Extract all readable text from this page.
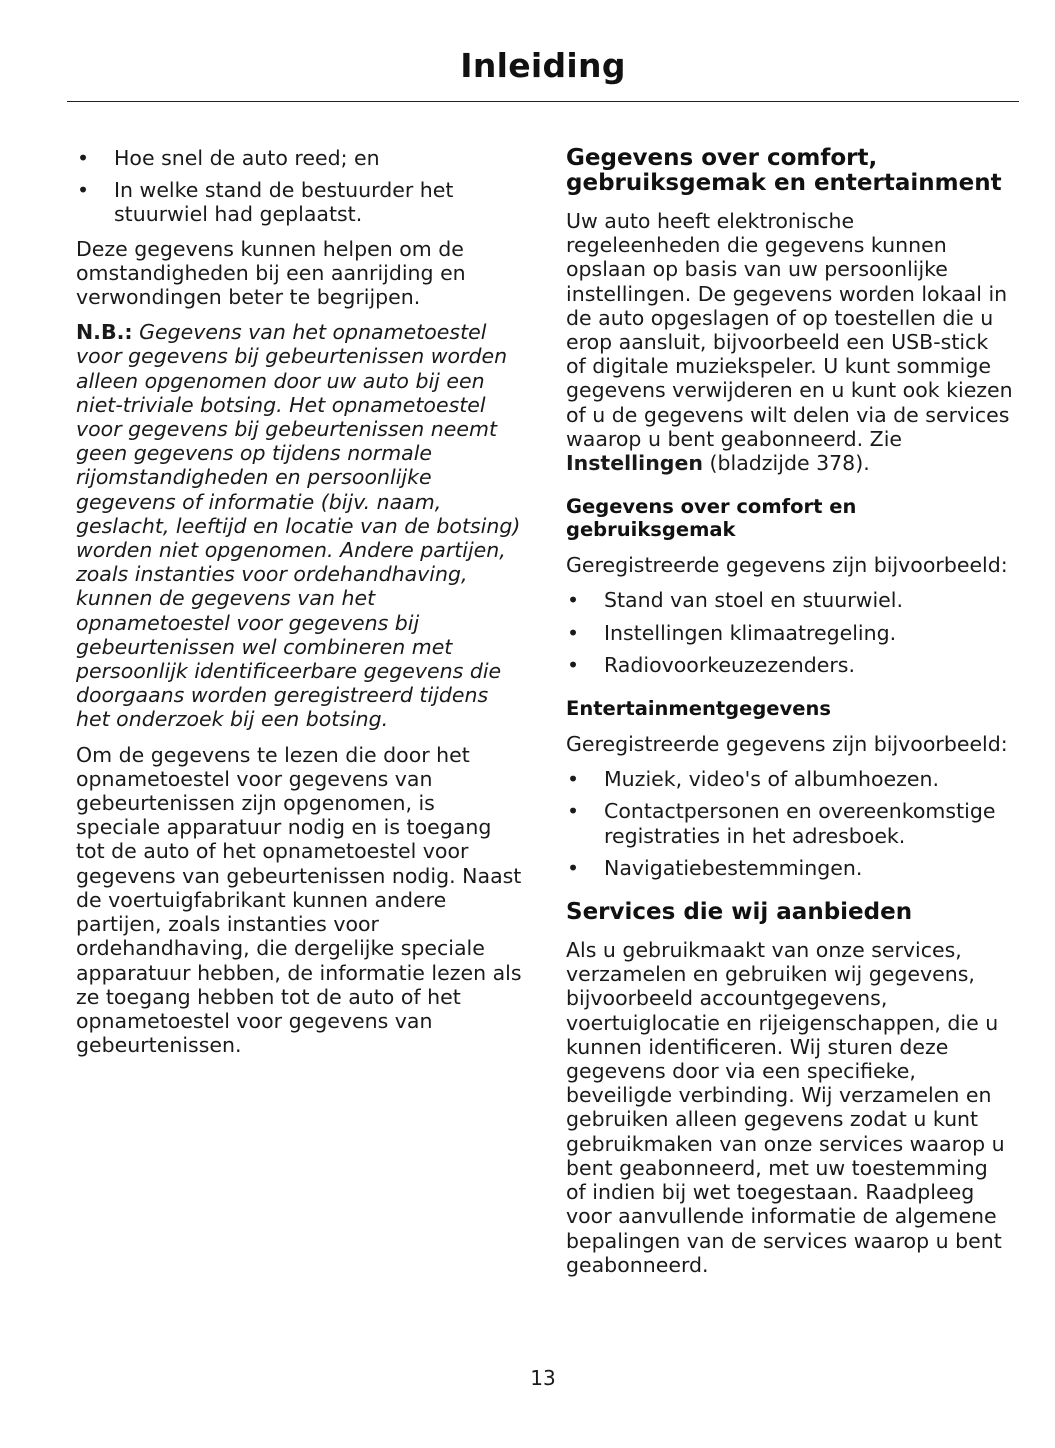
Inleiding
• Hoe snel de auto reed; en
• In welke stand de bestuurder het stuurwiel had geplaatst.

Deze gegevens kunnen helpen om de omstandigheden bij een aanrijding en verwondingen beter te begrijpen.

N.B.: Gegevens van het opnametoestel voor gegevens bij gebeurtenissen worden alleen opgenomen door uw auto bij een niet-triviale botsing. Het opnametoestel voor gegevens bij gebeurtenissen neemt geen gegevens op tijdens normale rijomstandigheden en persoonlijke gegevens of informatie (bijv. naam, geslacht, leeftijd en locatie van de botsing) worden niet opgenomen. Andere partijen, zoals instanties voor ordehandhaving, kunnen de gegevens van het opnametoestel voor gegevens bij gebeurtenissen wel combineren met persoonlijk identificeerbare gegevens die doorgaans worden geregistreerd tijdens het onderzoek bij een botsing.

Om de gegevens te lezen die door het opnametoestel voor gegevens van gebeurtenissen zijn opgenomen, is speciale apparatuur nodig en is toegang tot de auto of het opnametoestel voor gegevens van gebeurtenissen nodig. Naast de voertuigfabrikant kunnen andere partijen, zoals instanties voor ordehandhaving, die dergelijke speciale apparatuur hebben, de informatie lezen als ze toegang hebben tot de auto of het opnametoestel voor gegevens van gebeurtenissen.

Gegevens over comfort, gebruiksgemak en entertainment

Uw auto heeft elektronische regeleenheden die gegevens kunnen opslaan op basis van uw persoonlijke instellingen. De gegevens worden lokaal in de auto opgeslagen of op toestellen die u erop aansluit, bijvoorbeeld een USB-stick of digitale muziekspeler. U kunt sommige gegevens verwijderen en u kunt ook kiezen of u de gegevens wilt delen via de services waarop u bent geabonneerd. Zie Instellingen (bladzijde 378).

Gegevens over comfort en gebruiksgemak

Geregistreerde gegevens zijn bijvoorbeeld:

• Stand van stoel en stuurwiel.
• Instellingen klimaatregeling.
• Radiovoorkeuzezenders.
Entertainmentgegevens

Geregistreerde gegevens zijn bijvoorbeeld:

• Muziek, video's of albumhoezen.
• Contactpersonen en overeenkomstige registraties in het adresboek.
• Navigatiebestemmingen.
Services die wij aanbieden

Als u gebruikmaakt van onze services, verzamelen en gebruiken wij gegevens, bijvoorbeeld accountgegevens, voertuiglocatie en rijeigenschappen, die u kunnen identificeren. Wij sturen deze gegevens door via een specifieke, beveiligde verbinding. Wij verzamelen en gebruiken alleen gegevens zodat u kunt gebruikmaken van onze services waarop u bent geabonneerd, met uw toestemming of indien bij wet toegestaan. Raadpleeg voor aanvullende informatie de algemene bepalingen van de services waarop u bent geabonneerd.

13
